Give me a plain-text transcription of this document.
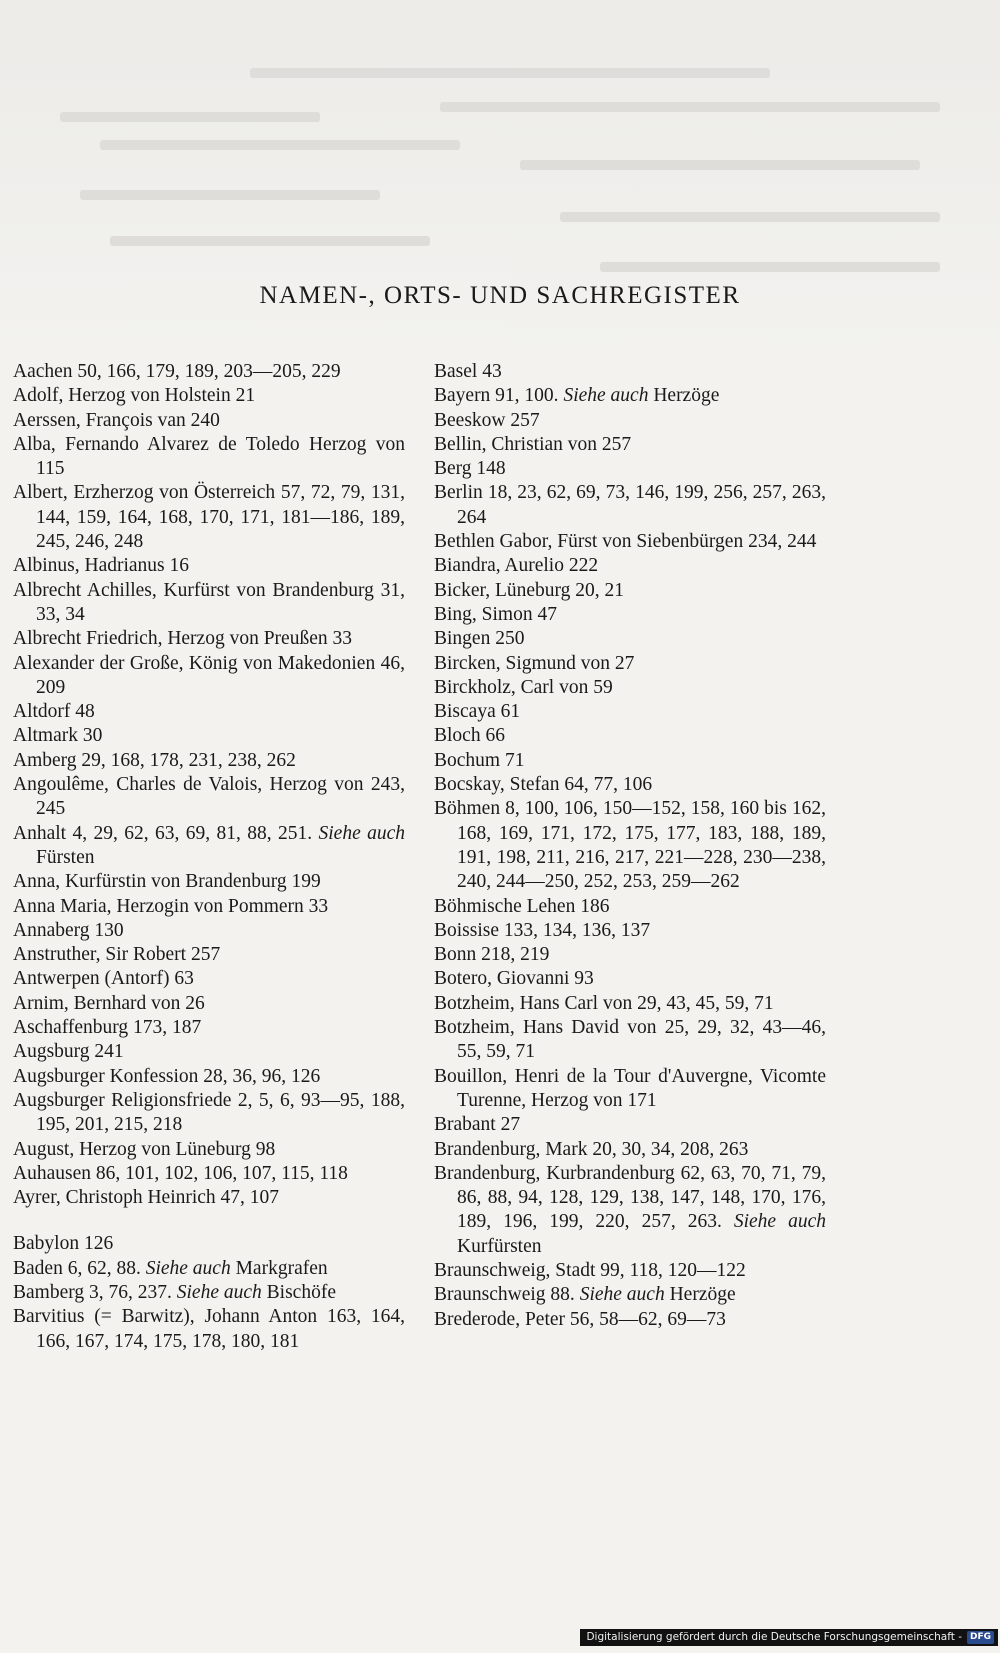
NAMEN-, ORTS- UND SACHREGISTER

Aachen 50, 166, 179, 189, 203—205, 229

Adolf, Herzog von Holstein 21

Aerssen, François van 240

Alba, Fernando Alvarez de Toledo Herzog von 115

Albert, Erzherzog von Österreich 57, 72, 79, 131, 144, 159, 164, 168, 170, 171, 181—186, 189, 245, 246, 248

Albinus, Hadrianus 16

Albrecht Achilles, Kurfürst von Brandenburg 31, 33, 34

Albrecht Friedrich, Herzog von Preußen 33

Alexander der Große, König von Makedonien 46, 209

Altdorf 48

Altmark 30

Amberg 29, 168, 178, 231, 238, 262

Angoulême, Charles de Valois, Herzog von 243, 245

Anhalt 4, 29, 62, 63, 69, 81, 88, 251. Siehe auch Fürsten

Anna, Kurfürstin von Brandenburg 199

Anna Maria, Herzogin von Pommern 33

Annaberg 130

Anstruther, Sir Robert 257

Antwerpen (Antorf) 63

Arnim, Bernhard von 26

Aschaffenburg 173, 187

Augsburg 241

Augsburger Konfession 28, 36, 96, 126

Augsburger Religionsfriede 2, 5, 6, 93—95, 188, 195, 201, 215, 218

August, Herzog von Lüneburg 98

Auhausen 86, 101, 102, 106, 107, 115, 118

Ayrer, Christoph Heinrich 47, 107

Babylon 126

Baden 6, 62, 88. Siehe auch Markgrafen

Bamberg 3, 76, 237. Siehe auch Bischöfe

Barvitius (= Barwitz), Johann Anton 163, 164, 166, 167, 174, 175, 178, 180, 181

Basel 43

Bayern 91, 100. Siehe auch Herzöge

Beeskow 257

Bellin, Christian von 257

Berg 148

Berlin 18, 23, 62, 69, 73, 146, 199, 256, 257, 263, 264

Bethlen Gabor, Fürst von Siebenbürgen 234, 244

Biandra, Aurelio 222

Bicker, Lüneburg 20, 21

Bing, Simon 47

Bingen 250

Bircken, Sigmund von 27

Birckholz, Carl von 59

Biscaya 61

Bloch 66

Bochum 71

Bocskay, Stefan 64, 77, 106

Böhmen 8, 100, 106, 150—152, 158, 160 bis 162, 168, 169, 171, 172, 175, 177, 183, 188, 189, 191, 198, 211, 216, 217, 221—228, 230—238, 240, 244—250, 252, 253, 259—262

Böhmische Lehen 186

Boissise 133, 134, 136, 137

Bonn 218, 219

Botero, Giovanni 93

Botzheim, Hans Carl von 29, 43, 45, 59, 71

Botzheim, Hans David von 25, 29, 32, 43—46, 55, 59, 71

Bouillon, Henri de la Tour d'Auvergne, Vicomte Turenne, Herzog von 171

Brabant 27

Brandenburg, Mark 20, 30, 34, 208, 263

Brandenburg, Kurbrandenburg 62, 63, 70, 71, 79, 86, 88, 94, 128, 129, 138, 147, 148, 170, 176, 189, 196, 199, 220, 257, 263. Siehe auch Kurfürsten

Braunschweig, Stadt 99, 118, 120—122

Braunschweig 88. Siehe auch Herzöge

Brederode, Peter 56, 58—62, 69—73

Digitalisierung gefördert durch die Deutsche Forschungsgemeinschaft - DFG
